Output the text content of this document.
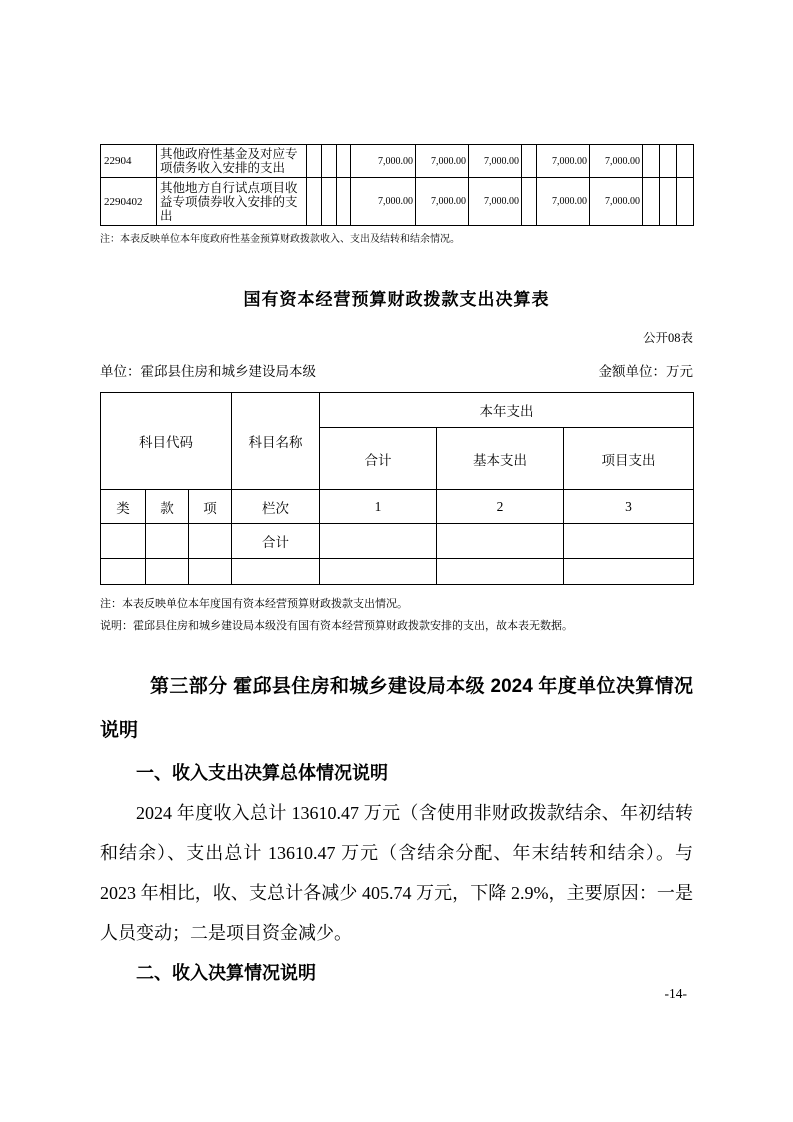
22904	其他政府性基金及对应专项债务收入安排的支出				7,000.00	7,000.00	7,000.00		7,000.00	7,000.00			
2290402	其他地方自行试点项目收益专项债券收入安排的支出				7,000.00	7,000.00	7,000.00		7,000.00	7,000.00			
注：本表反映单位本年度政府性基金预算财政拨款收入、支出及结转和结余情况。
国有资本经营预算财政拨款支出决算表
公开08表
单位：霍邱县住房和城乡建设局本级	金额单位：万元
科目代码			科目名称	本年支出		
				合计	基本支出	项目支出
类	款	项	栏次	1	2	3
			合计			

注：本表反映单位本年度国有资本经营预算财政拨款支出情况。
说明：霍邱县住房和城乡建设局本级没有国有资本经营预算财政拨款安排的支出，故本表无数据。
第三部分 霍邱县住房和城乡建设局本级 2024 年度单位决算情况说明
一、收入支出决算总体情况说明
2024 年度收入总计 13610.47 万元（含使用非财政拨款结余、年初结转和结余）、支出总计 13610.47 万元（含结余分配、年末结转和结余）。与 2023 年相比，收、支总计各减少 405.74 万元，下降 2.9%，主要原因：一是人员变动；二是项目资金减少。
二、收入决算情况说明
-14-
